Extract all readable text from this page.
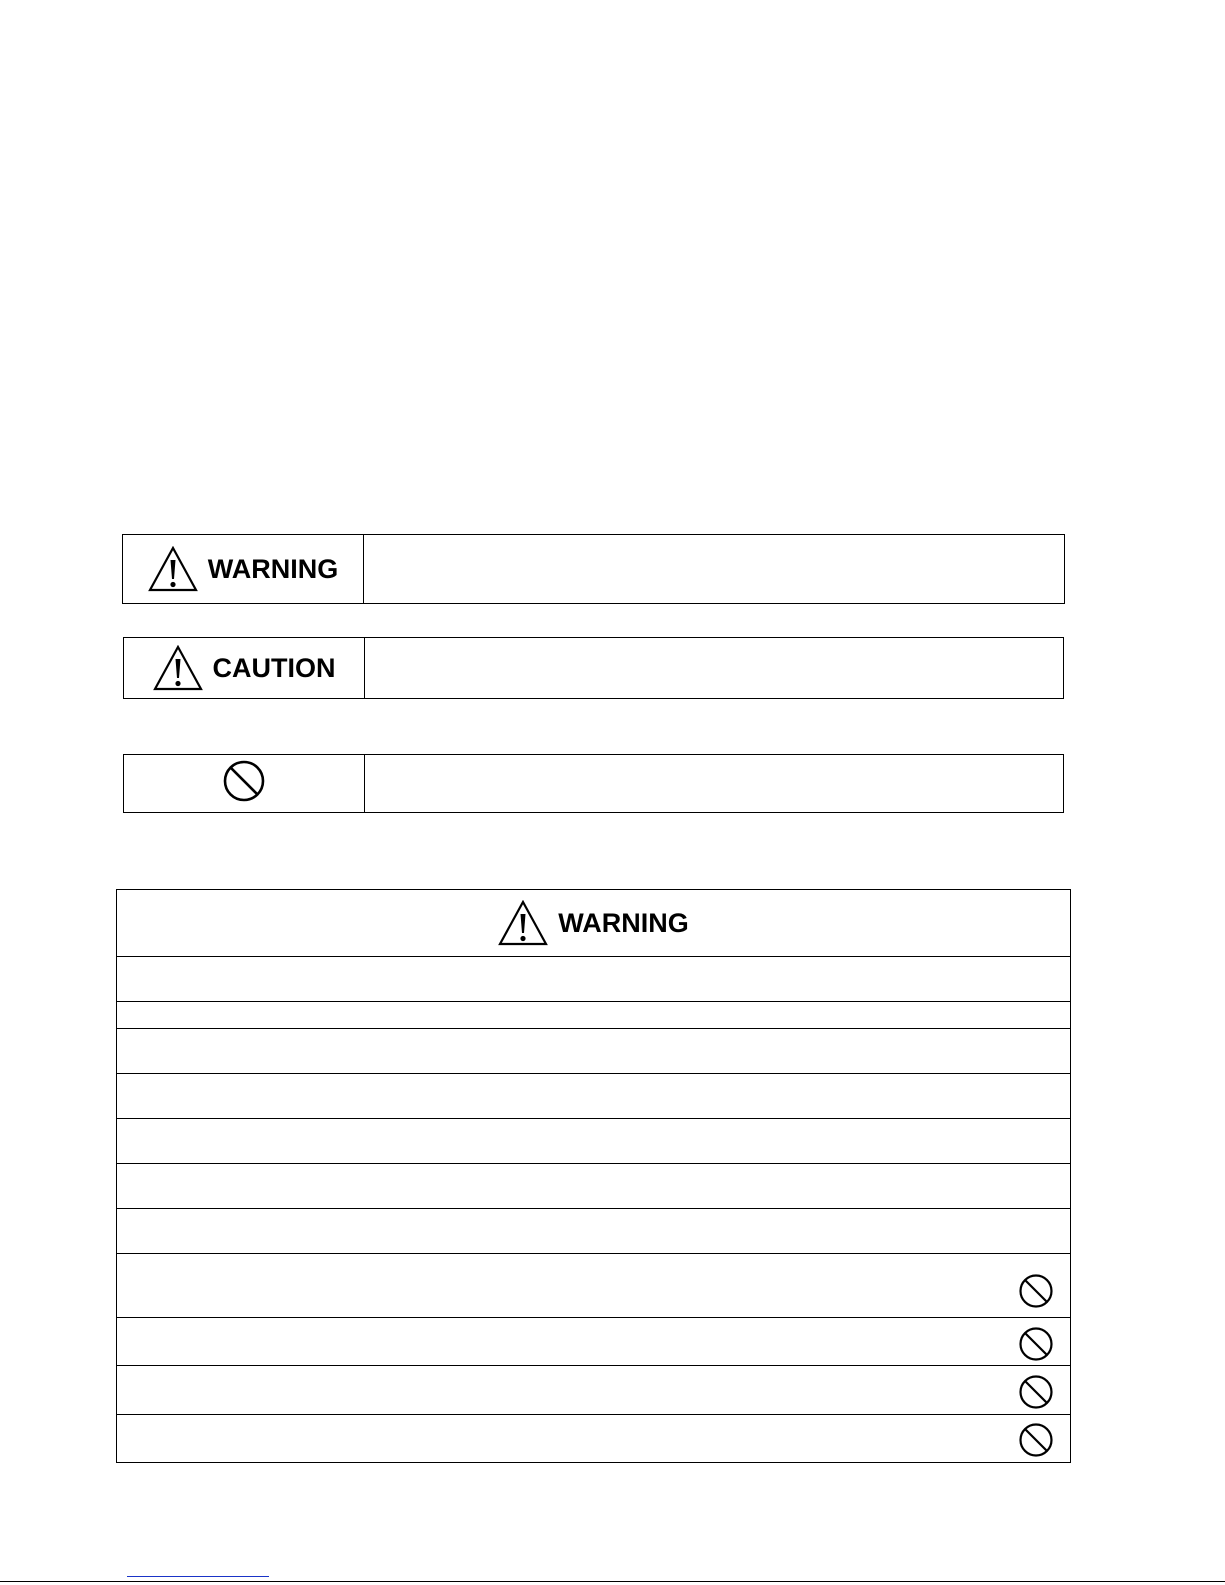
WARNING
CAUTION
WARNING
